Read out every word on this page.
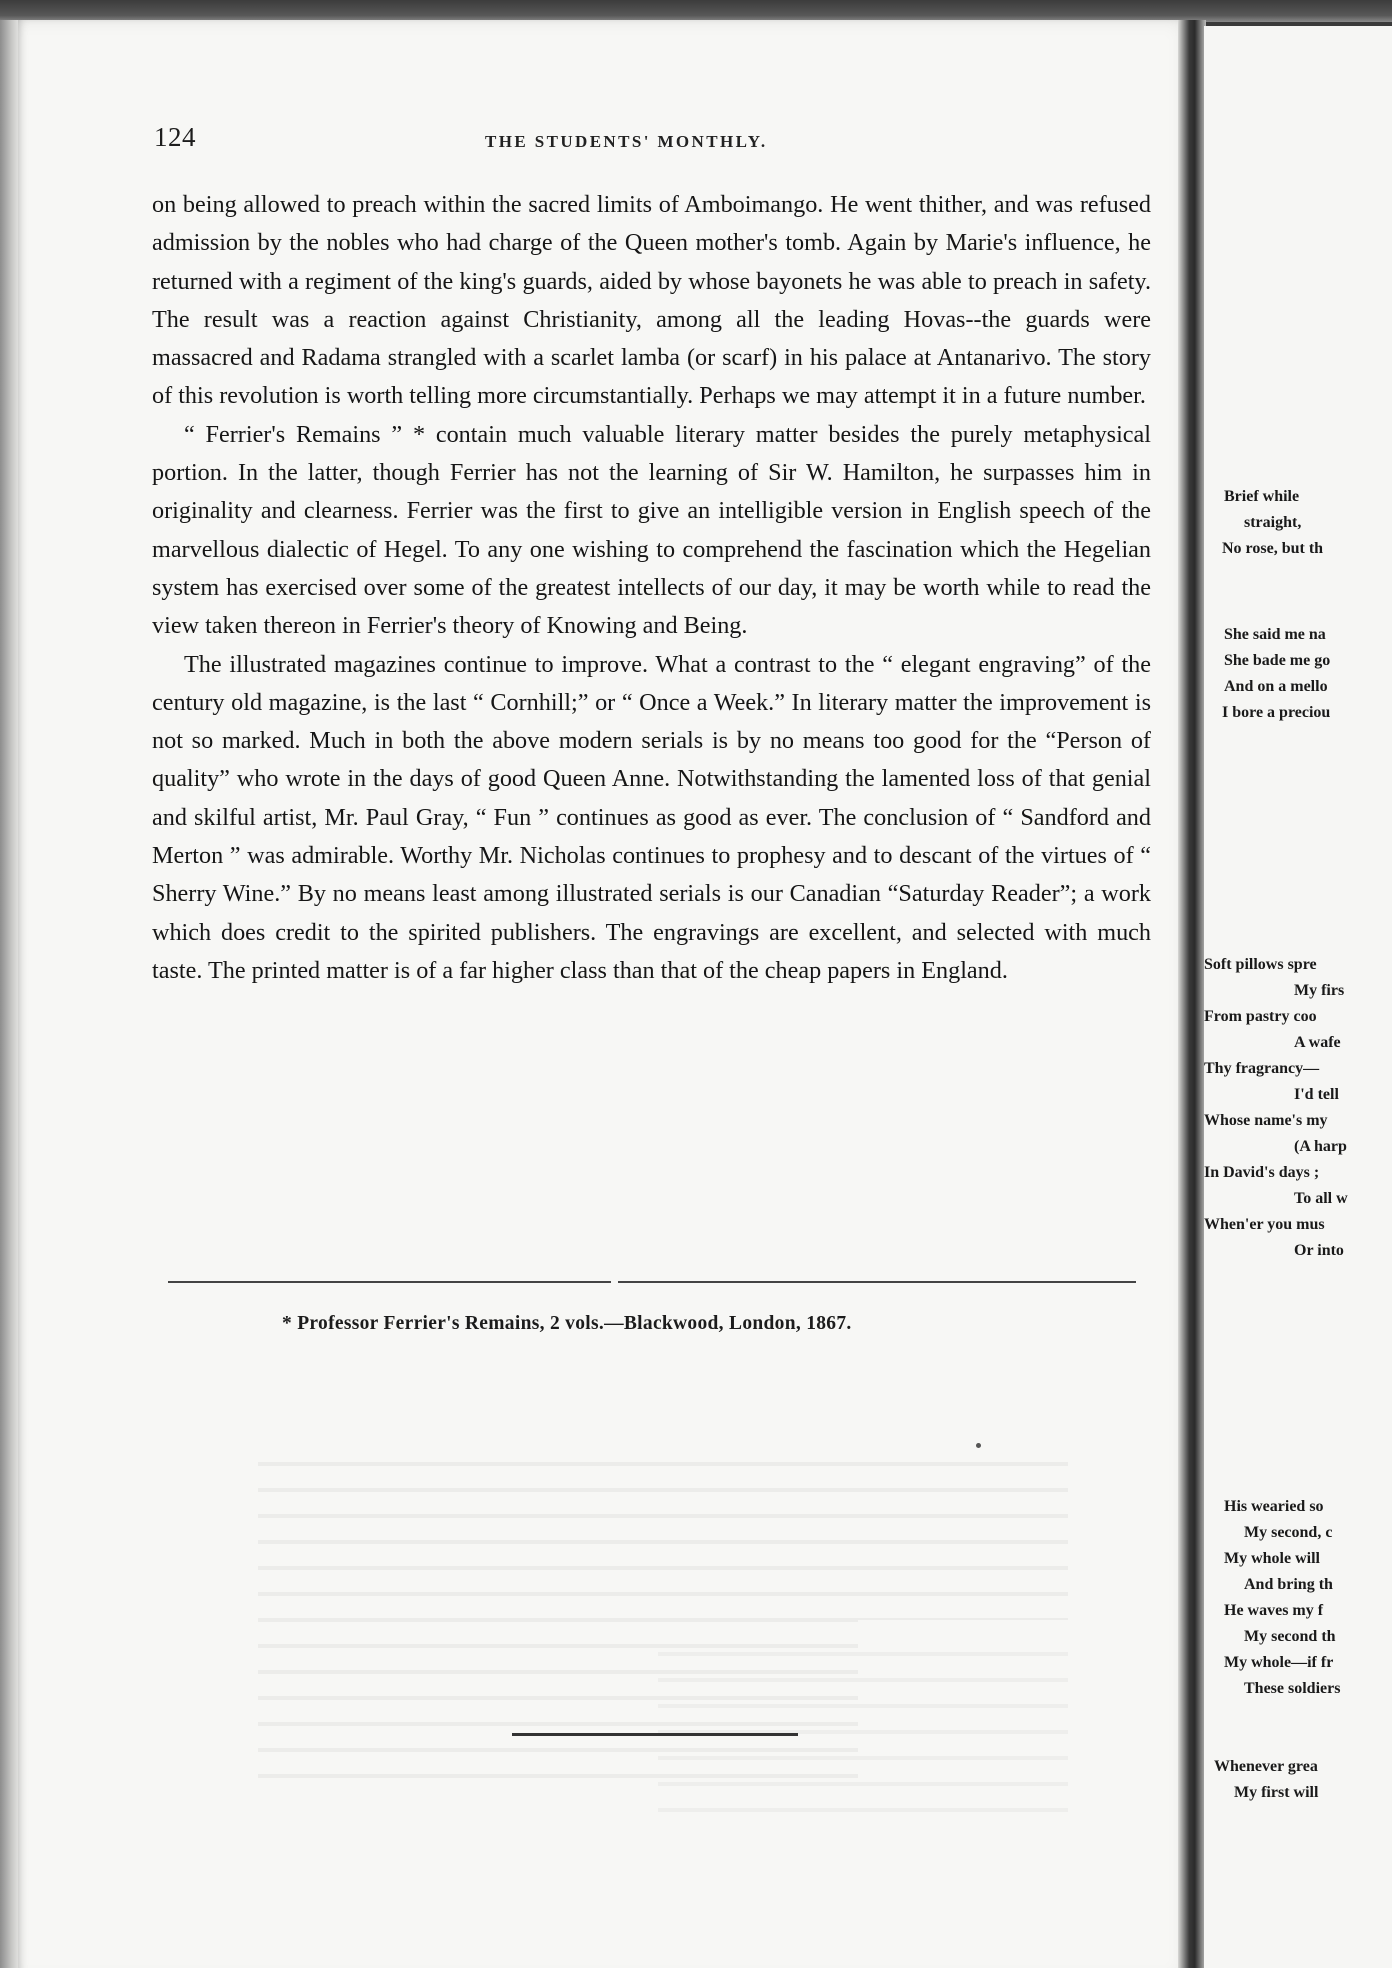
124	THE STUDENTS' MONTHLY.

on being allowed to preach within the sacred limits of Amboimango. He went thither, and was refused admission by the nobles who had charge of the Queen mother's tomb. Again by Marie's influence, he returned with a regiment of the king's guards, aided by whose bayonets he was able to preach in safety. The result was a reaction against Christianity, among all the leading Hovas--the guards were massacred and Radama strangled with a scarlet lamba (or scarf) in his palace at Antanarivo. The story of this revolution is worth telling more circumstantially. Perhaps we may attempt it in a future number.

“ Ferrier's Remains ” * contain much valuable literary matter besides the purely metaphysical portion. In the latter, though Ferrier has not the learning of Sir W. Hamilton, he surpasses him in originality and clearness. Ferrier was the first to give an intelligible version in English speech of the marvellous dialectic of Hegel. To any one wishing to comprehend the fascination which the Hegelian system has exercised over some of the greatest intellects of our day, it may be worth while to read the view taken thereon in Ferrier's theory of Knowing and Being.

The illustrated magazines continue to improve. What a contrast to the “ elegant engraving” of the century old magazine, is the last “ Cornhill;” or “ Once a Week.” In literary matter the improvement is not so marked. Much in both the above modern serials is by no means too good for the “Person of quality” who wrote in the days of good Queen Anne. Notwithstanding the lamented loss of that genial and skilful artist, Mr. Paul Gray, “ Fun ” continues as good as ever. The conclusion of “ Sandford and Merton ” was admirable. Worthy Mr. Nicholas continues to prophesy and to descant of the virtues of “ Sherry Wine.” By no means least among illustrated serials is our Canadian “Saturday Reader”; a work which does credit to the spirited publishers. The engravings are excellent, and selected with much taste. The printed matter is of a far higher class than that of the cheap papers in England.

* Professor Ferrier's Remains, 2 vols.—Blackwood, London, 1867.
Brief while
straight,
No rose, but th
She said me na
She bade me go
And on a mello
I bore a preciou
Soft pillows spre
My firs
From pastry coo
A wafe
Thy fragrancy—
I'd tell
Whose name's my
(A harp
In David's days ;
To all w
When'er you mus
Or into
His wearied so
My second, c
My whole will
And bring th
He waves my f
My second th
My whole—if fr
These soldiers
Whenever grea
My first will
